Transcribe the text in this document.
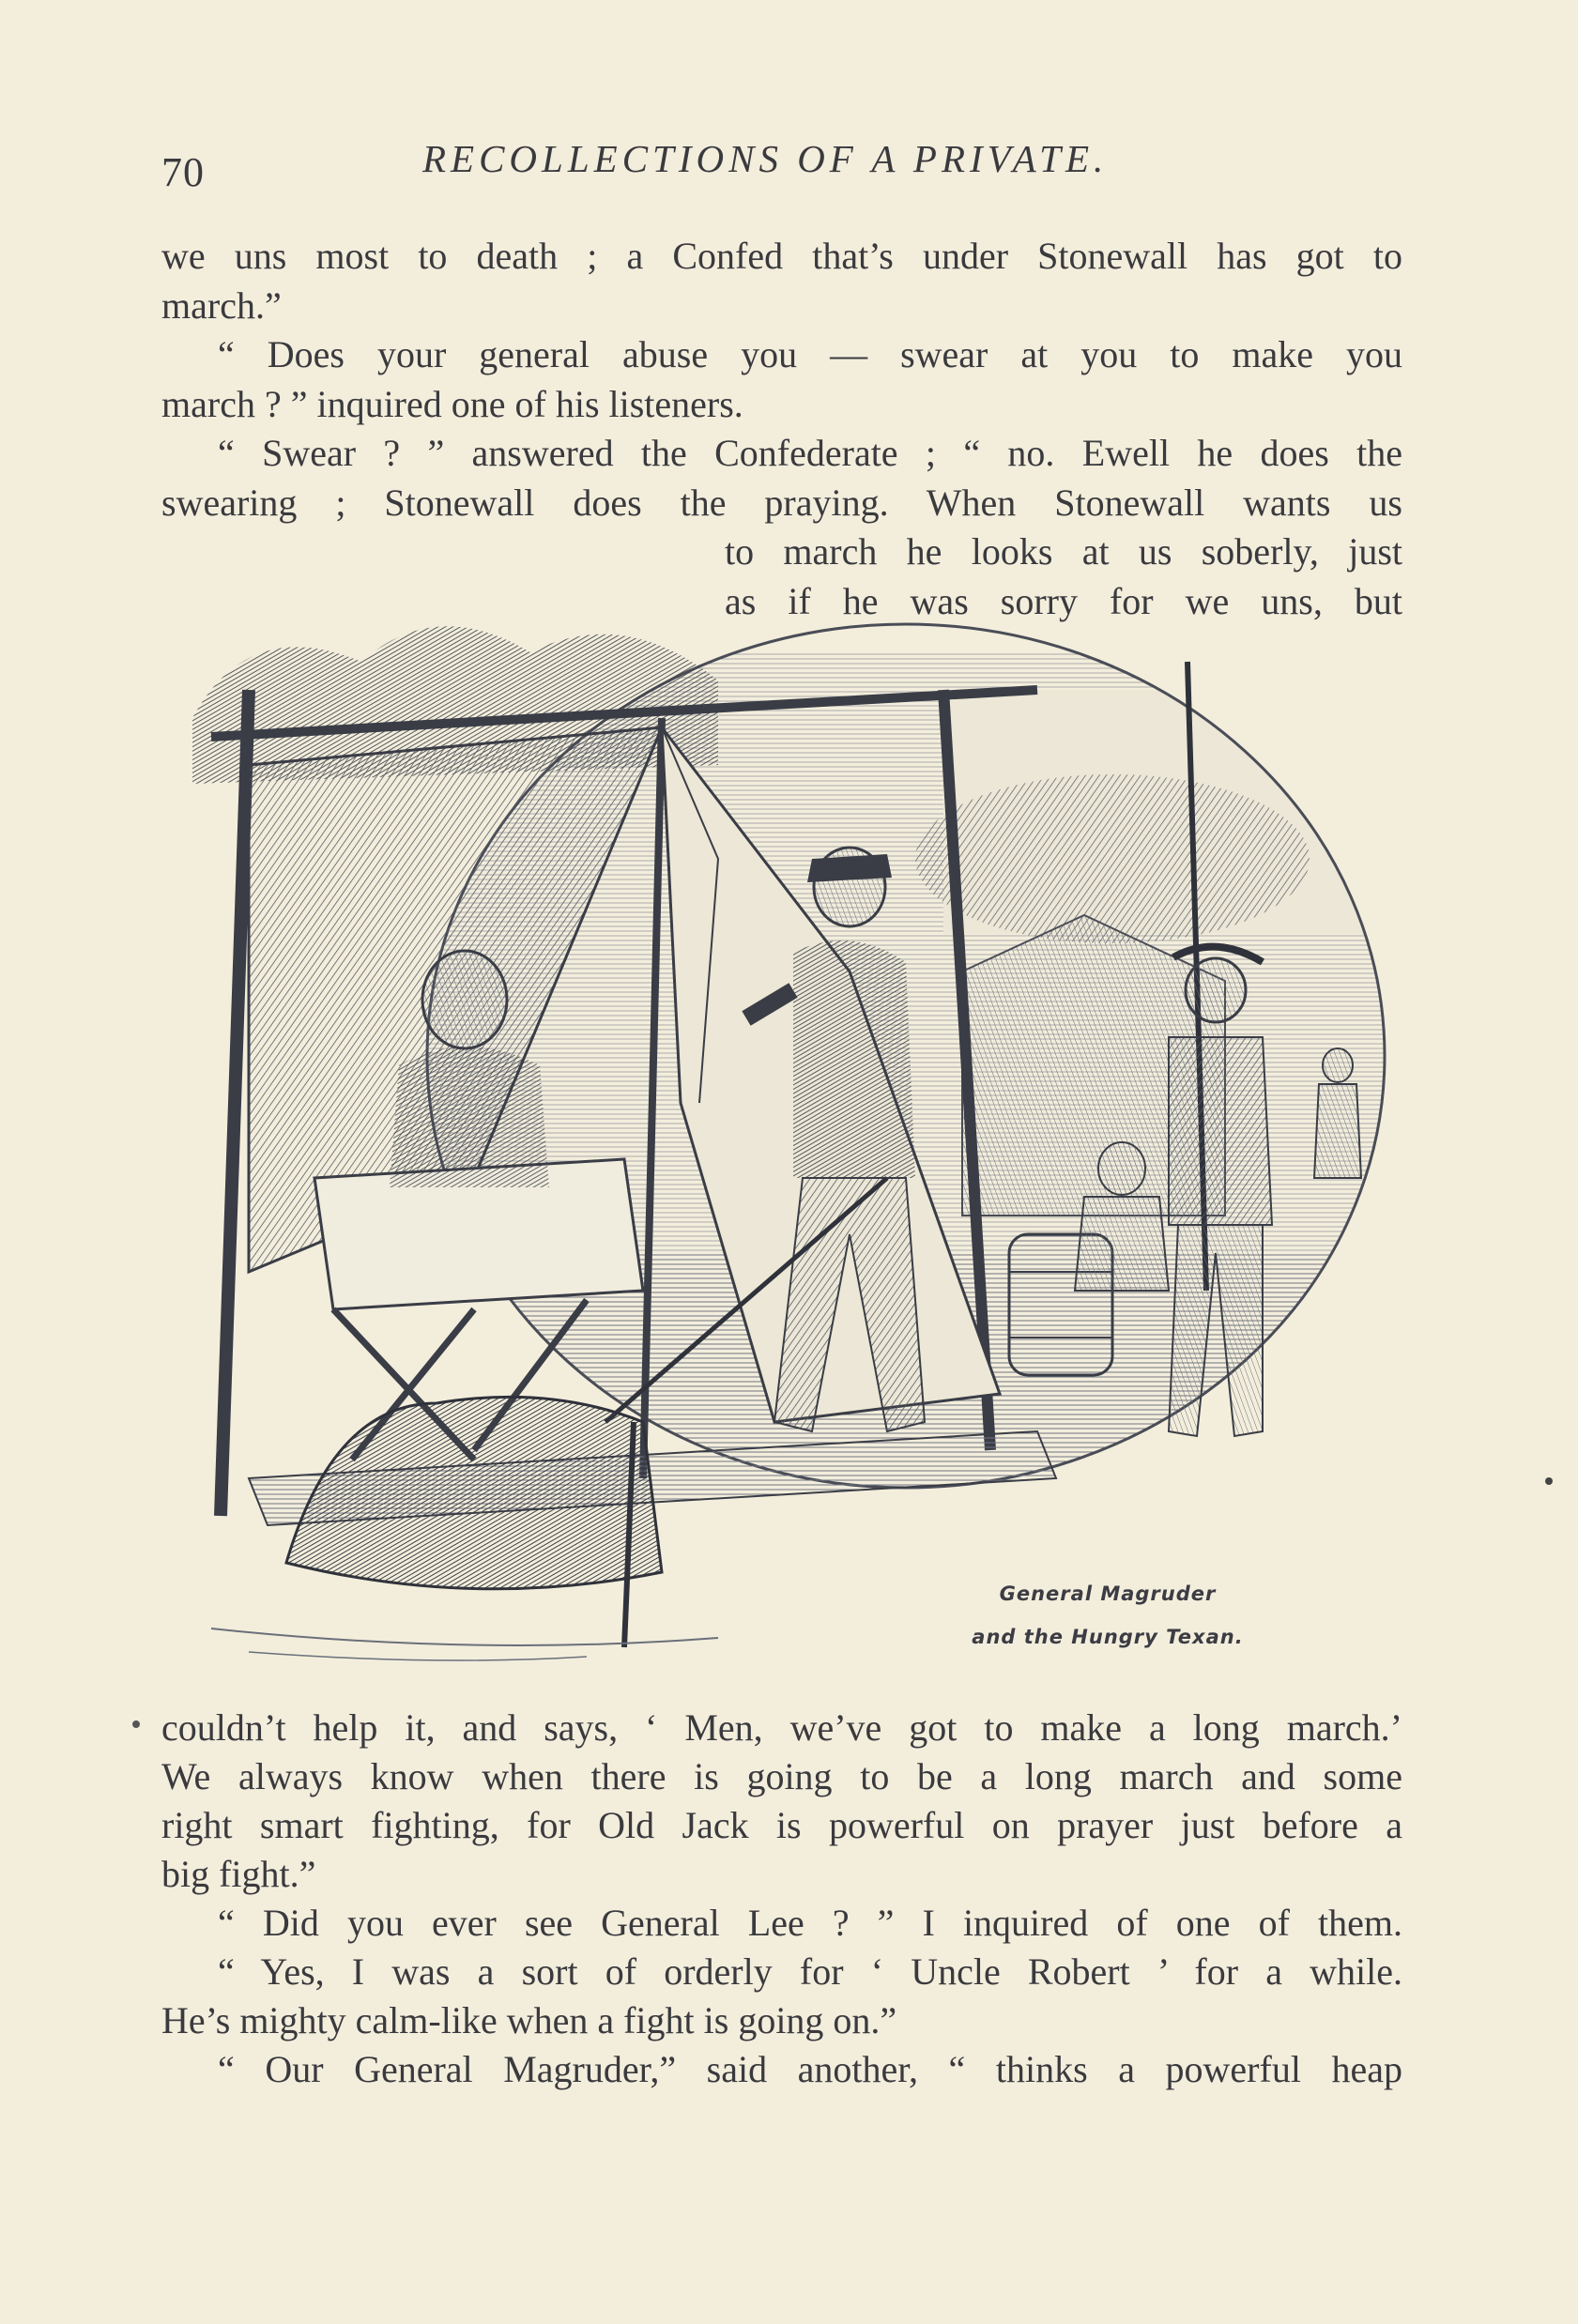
70	RECOLLECTIONS OF A PRIVATE.
we uns most to death ; a Confed that’s under Stonewall has got to
march.”
“ Does your general abuse you — swear at you to make you
march ? ” inquired one of his listeners.
“ Swear ? ” answered the Confederate ; “ no. Ewell he does the
swearing ; Stonewall does the praying. When Stonewall wants us
to march he looks at us soberly, just
as if he was sorry for we uns, but
General Magruder
and the Hungry Texan.
couldn’t help it, and says, ‘ Men, we’ve got to make a long march.’
We always know when there is going to be a long march and some
right smart fighting, for Old Jack is powerful on prayer just before a
big fight.”
“ Did you ever see General Lee ? ” I inquired of one of them.
“ Yes, I was a sort of orderly for ‘ Uncle Robert ’ for a while.
He’s mighty calm-like when a fight is going on.”
“ Our General Magruder,” said another, “ thinks a powerful heap
